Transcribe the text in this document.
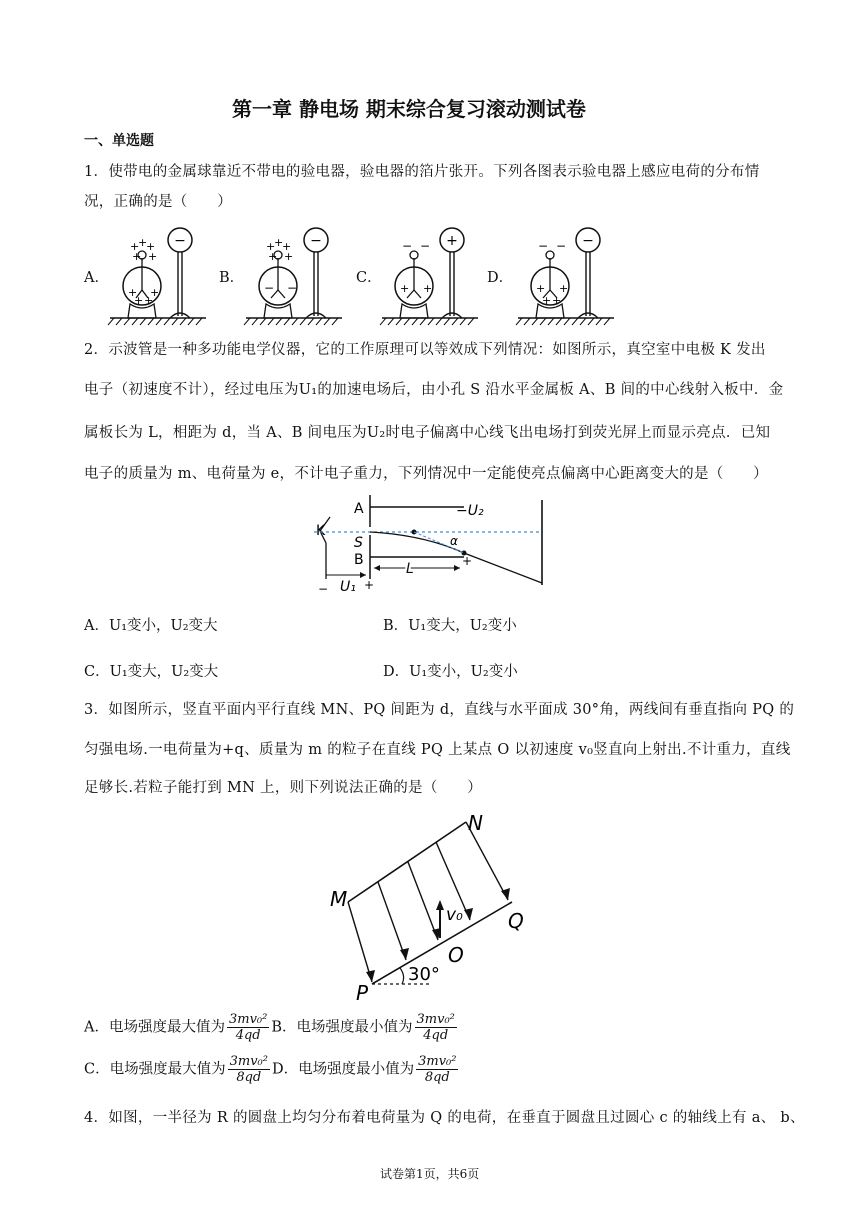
第一章 静电场 期末综合复习滚动测试卷
一、单选题
1．使带电的金属球靠近不带电的验电器，验电器的箔片张开。下列各图表示验电器上感应电荷的分布情
况，正确的是（　　）
A．	B．	C．	D．
+
+
+
+ +
+ +
+ +
−	+
+
+
+ +
− −
−	− −
+ +
+	− −
+ +
+ +
−
2．示波管是一种多功能电学仪器，它的工作原理可以等效成下列情况：如图所示，真空室中电极 K 发出
电子（初速度不计），经过电压为U₁的加速电场后，由小孔 S 沿水平金属板 A、B 间的中心线射入板中．金
属板长为 L，相距为 d，当 A、B 间电压为U₂时电子偏离中心线飞出电场打到荧光屏上而显示亮点．已知
电子的质量为 m、电荷量为 e，不计电子重力，下列情况中一定能使亮点偏离中心距离变大的是（　　）
K
A
S
B
−U₂
α
L	+
U₁
−	+
A．U₁变小，U₂变大	B．U₁变大，U₂变小
C．U₁变大，U₂变大	D．U₁变小，U₂变小
3．如图所示，竖直平面内平行直线 MN、PQ 间距为 d，直线与水平面成 30°角，两线间有垂直指向 PQ 的
匀强电场.一电荷量为+q、质量为 m 的粒子在直线 PQ 上某点 O 以初速度 v₀竖直向上射出.不计重力，直线
足够长.若粒子能打到 MN 上，则下列说法正确的是（　　）
v₀
30°
M
N
Q
O
P
A．电场强度最大值为 $\frac{\text{3mv₀²}}{4qd}$ B．电场强度最小值为 $\frac{\text{3mv₀²}}{4qd}$
C．电场强度最大值为 $\frac{\text{3mv₀²}}{8qd}$ D．电场强度最小值为 $\frac{\text{3mv₀²}}{8qd}$
4．如图，一半径为 R 的圆盘上均匀分布着电荷量为 Q 的电荷，在垂直于圆盘且过圆心 c 的轴线上有 a、 b、
试卷第1页，共6页
